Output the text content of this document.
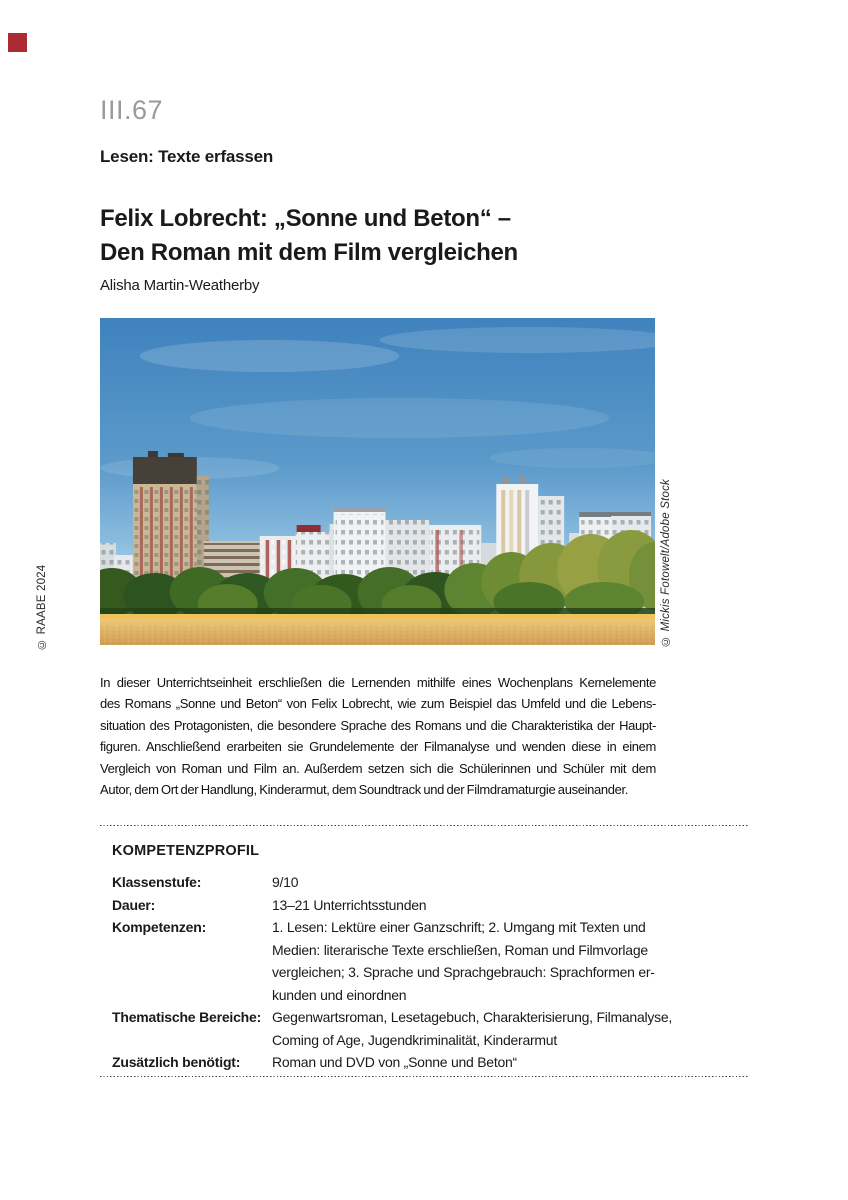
III.67
Lesen: Texte erfassen
Felix Lobrecht: „Sonne und Beton“ –
Den Roman mit dem Film vergleichen
Alisha Martin-Weatherby
© Mickis Fotowelt/Adobe Stock
© RAABE 2024
In dieser Unterrichtseinheit erschließen die Lernenden mithilfe eines Wochenplans Kernelemente
des Romans „Sonne und Beton“ von Felix Lobrecht, wie zum Beispiel das Umfeld und die Lebens-
situation des Protagonisten, die besondere Sprache des Romans und die Charakteristika der Haupt-
figuren. Anschließend erarbeiten sie Grundelemente der Filmanalyse und wenden diese in einem
Vergleich von Roman und Film an. Außerdem setzen sich die Schülerinnen und Schüler mit dem
Autor, dem Ort der Handlung, Kinderarmut, dem Soundtrack und der Filmdramaturgie auseinander.
KOMPETENZPROFIL
Klassenstufe:	9/10
Dauer:	13–21 Unterrichtsstunden
Kompetenzen:	1. Lesen: Lektüre einer Ganzschrift; 2. Umgang mit Texten und
Medien: literarische Texte erschließen, Roman und Filmvorlage
vergleichen; 3. Sprache und Sprachgebrauch: Sprachformen er-
kunden und einordnen
Thematische Bereiche: Gegenwartsroman, Lesetagebuch, Charakterisierung, Filmanalyse,
Coming of Age, Jugendkriminalität, Kinderarmut
Zusätzlich benötigt:	Roman und DVD von „Sonne und Beton“
